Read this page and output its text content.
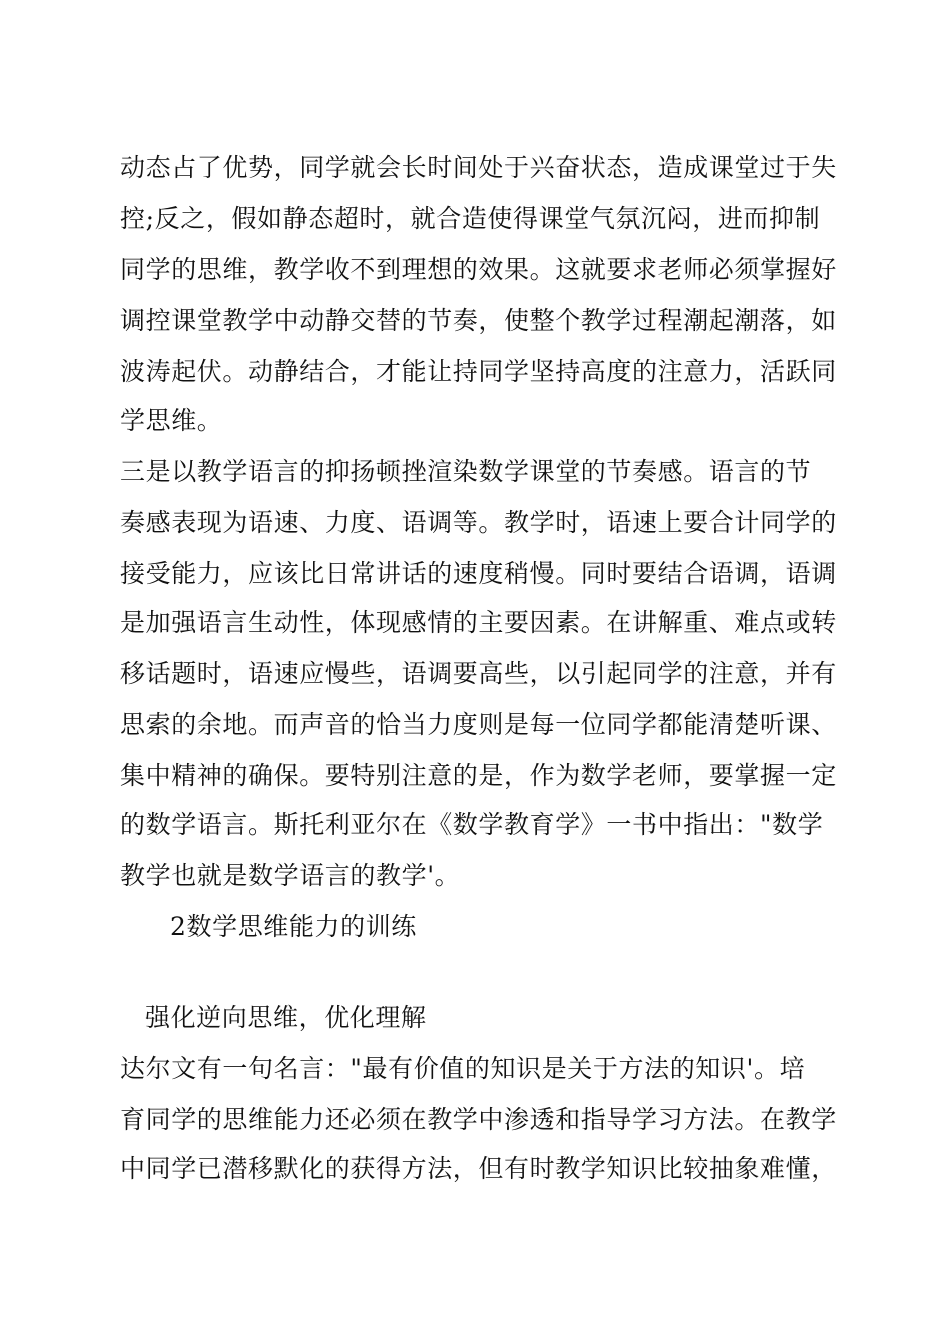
动态占了优势，同学就会长时间处于兴奋状态，造成课堂过于失
控;反之，假如静态超时，就合造使得课堂气氛沉闷，进而抑制
同学的思维，教学收不到理想的效果。这就要求老师必须掌握好
调控课堂教学中动静交替的节奏，使整个教学过程潮起潮落，如
波涛起伏。动静结合，才能让持同学坚持高度的注意力，活跃同
学思维。
三是以教学语言的抑扬顿挫渲染数学课堂的节奏感。语言的节
奏感表现为语速、力度、语调等。教学时，语速上要合计同学的
接受能力，应该比日常讲话的速度稍慢。同时要结合语调，语调
是加强语言生动性，体现感情的主要因素。在讲解重、难点或转
移话题时，语速应慢些，语调要高些，以引起同学的注意，并有
思索的余地。而声音的恰当力度则是每一位同学都能清楚听课、
集中精神的确保。要特别注意的是，作为数学老师，要掌握一定
的数学语言。斯托利亚尔在《数学教育学》一书中指出："数学
教学也就是数学语言的教学'。
2数学思维能力的训练
强化逆向思维，优化理解
达尔文有一句名言："最有价值的知识是关于方法的知识'。培
育同学的思维能力还必须在教学中渗透和指导学习方法。在教学
中同学已潜移默化的获得方法，但有时教学知识比较抽象难懂，
